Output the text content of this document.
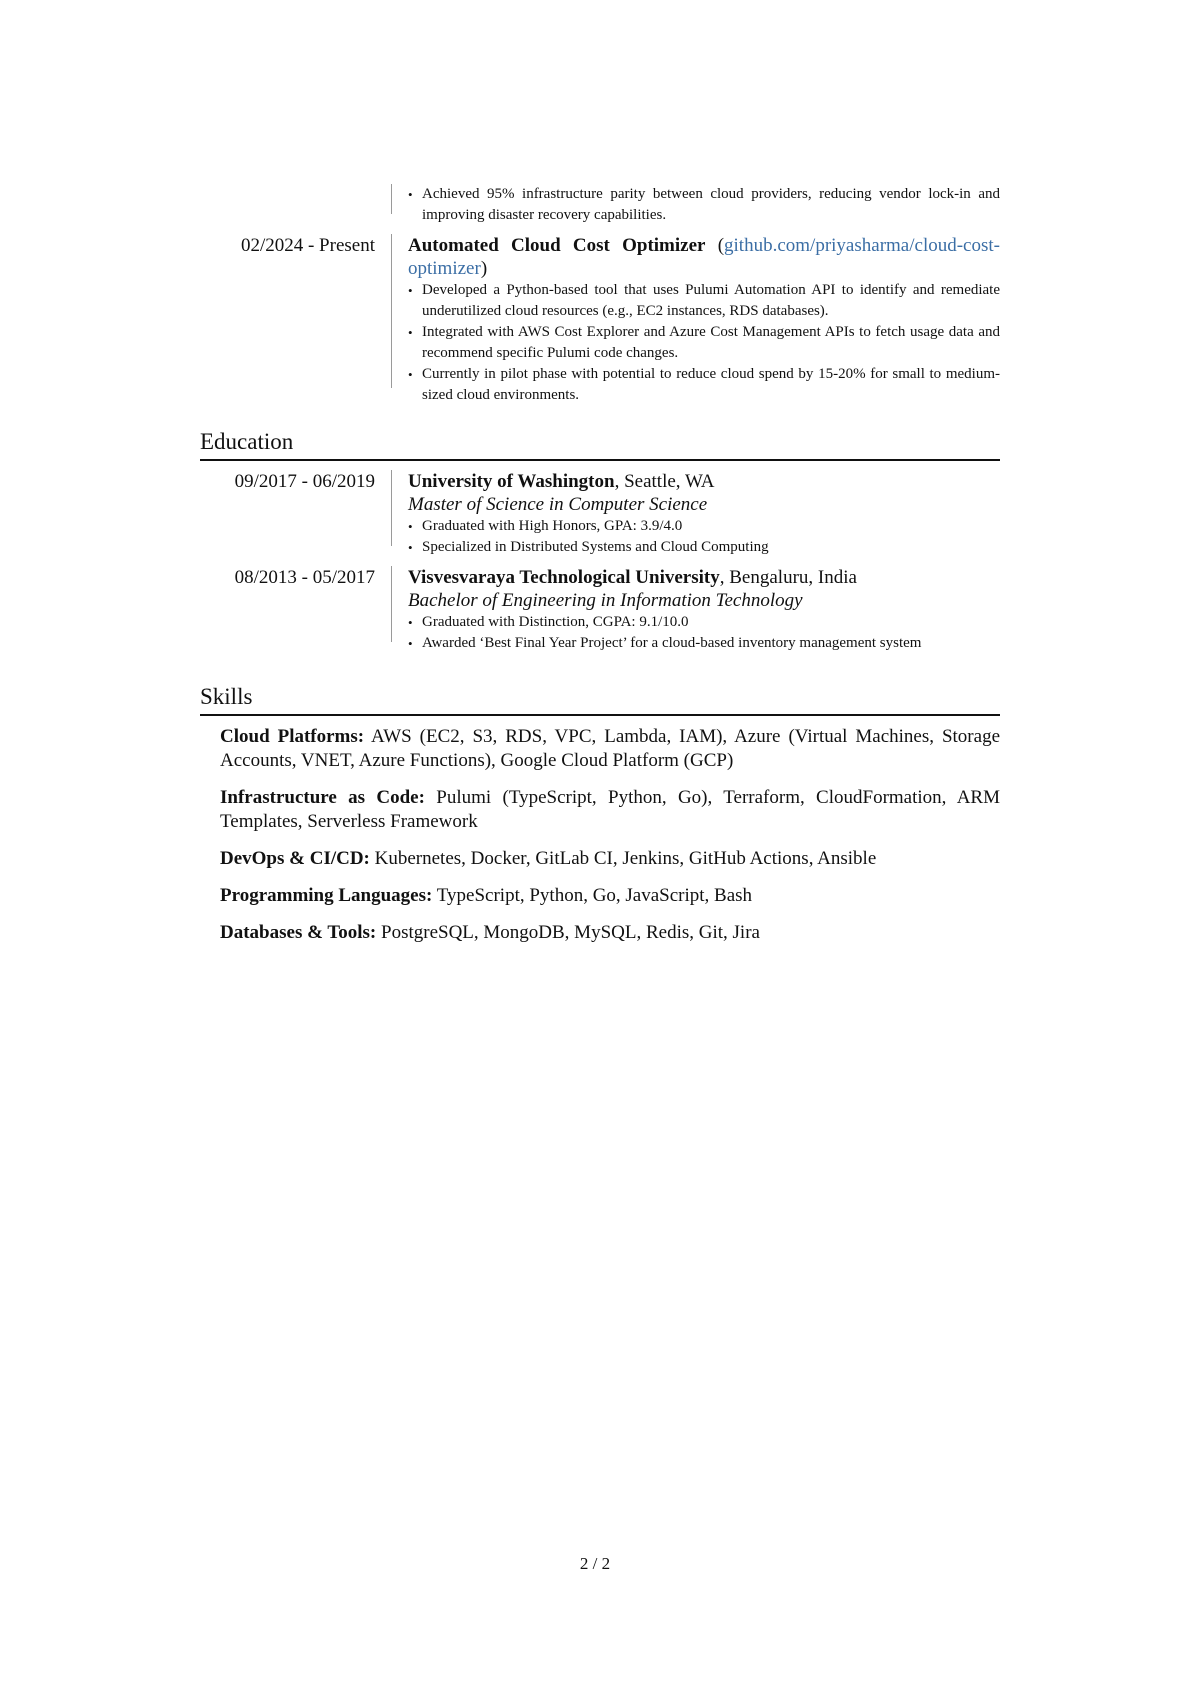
• Achieved 95% infrastructure parity between cloud providers, reducing vendor lock-in and improving disaster recovery capabilities.
02/2024 - Present Automated Cloud Cost Optimizer (github.com/priyasharma/cloud-cost-optimizer)
• Developed a Python-based tool that uses Pulumi Automation API to identify and remediate underutilized cloud resources (e.g., EC2 instances, RDS databases).
• Integrated with AWS Cost Explorer and Azure Cost Management APIs to fetch usage data and recommend specific Pulumi code changes.
• Currently in pilot phase with potential to reduce cloud spend by 15-20% for small to medium-sized cloud environments.
Education
09/2017 - 06/2019 University of Washington, Seattle, WA
Master of Science in Computer Science
• Graduated with High Honors, GPA: 3.9/4.0
• Specialized in Distributed Systems and Cloud Computing
08/2013 - 05/2017 Visvesvaraya Technological University, Bengaluru, India
Bachelor of Engineering in Information Technology
• Graduated with Distinction, CGPA: 9.1/10.0
• Awarded ‘Best Final Year Project’ for a cloud-based inventory management system
Skills
Cloud Platforms: AWS (EC2, S3, RDS, VPC, Lambda, IAM), Azure (Virtual Machines, Storage Accounts, VNET, Azure Functions), Google Cloud Platform (GCP)
Infrastructure as Code: Pulumi (TypeScript, Python, Go), Terraform, CloudFormation, ARM Templates, Serverless Framework
DevOps & CI/CD: Kubernetes, Docker, GitLab CI, Jenkins, GitHub Actions, Ansible
Programming Languages: TypeScript, Python, Go, JavaScript, Bash
Databases & Tools: PostgreSQL, MongoDB, MySQL, Redis, Git, Jira
2 / 2
